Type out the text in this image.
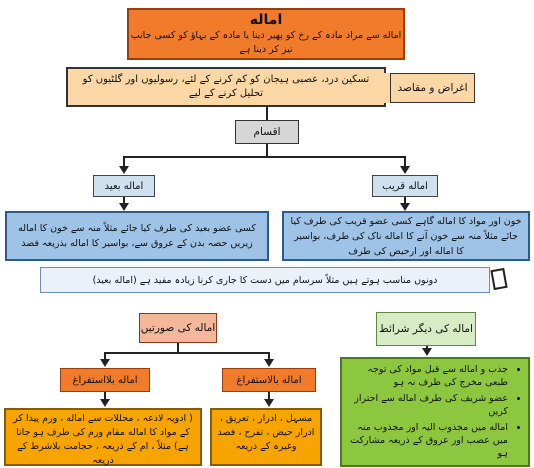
اماله
اماله سے مراد مادہ کے رخ کو پھیر دینا یا مادہ کے بہاؤ کو کسی جانب تیز کر دینا ہے
تسکین درد، عصبی ہیجان کو کم کرنے کے لئے، رسولیوں اور گلٹیوں کو تحلیل کرنے کے لیے	اغراض و مقاصد
اقسام
اماله بعید	اماله قریب
کسی عضو بعید کی طرف کیا جائے مثلاً منہ سے خون کا اماله زیریں حصہ بدن کے عروق سے، بواسیر کا اماله بذریعہ فصد
خون اور مواد کا اماله گاہے کسی عضو قریب کی طرف کیا جائے مثلاً منہ سے خون آنے کا اماله ناک کی طرف، بواسیر کا اماله اور ارحیض کی طرف
دونوں مناسب ہوتے ہیں مثلاً سرسام میں دست کا جاری کرنا زیادہ مفید ہے (اماله بعید)
اماله کی صورتیں	اماله کی دیگر شرائط
اماله بلااستفراغ	اماله بالاستفراغ
( ادویہ لاذعہ ، محللات سے اماله ، ورم پیدا کر کے مواد کا اماله مقام ورم کی طرف ہو جاتا ہے) مثلاً ، ام کے ذریعہ ، حجامت بلاشرط کے ذریعہ
مسہل ، ادرار ، تعریق ، ادرار حیض ، تفرح ، فصد وغیرہ کے ذریعہ
• جذب و اماله سے قبل مواد کی توجہ طبعی مخرج کی طرف نہ ہو
• عضو شریف کی طرف اماله سے احتراز کریں
• اماله میں مجذوب الیہ اور مجذوب منہ میں عصب اور عروق کے ذریعہ مشارکت ہو
